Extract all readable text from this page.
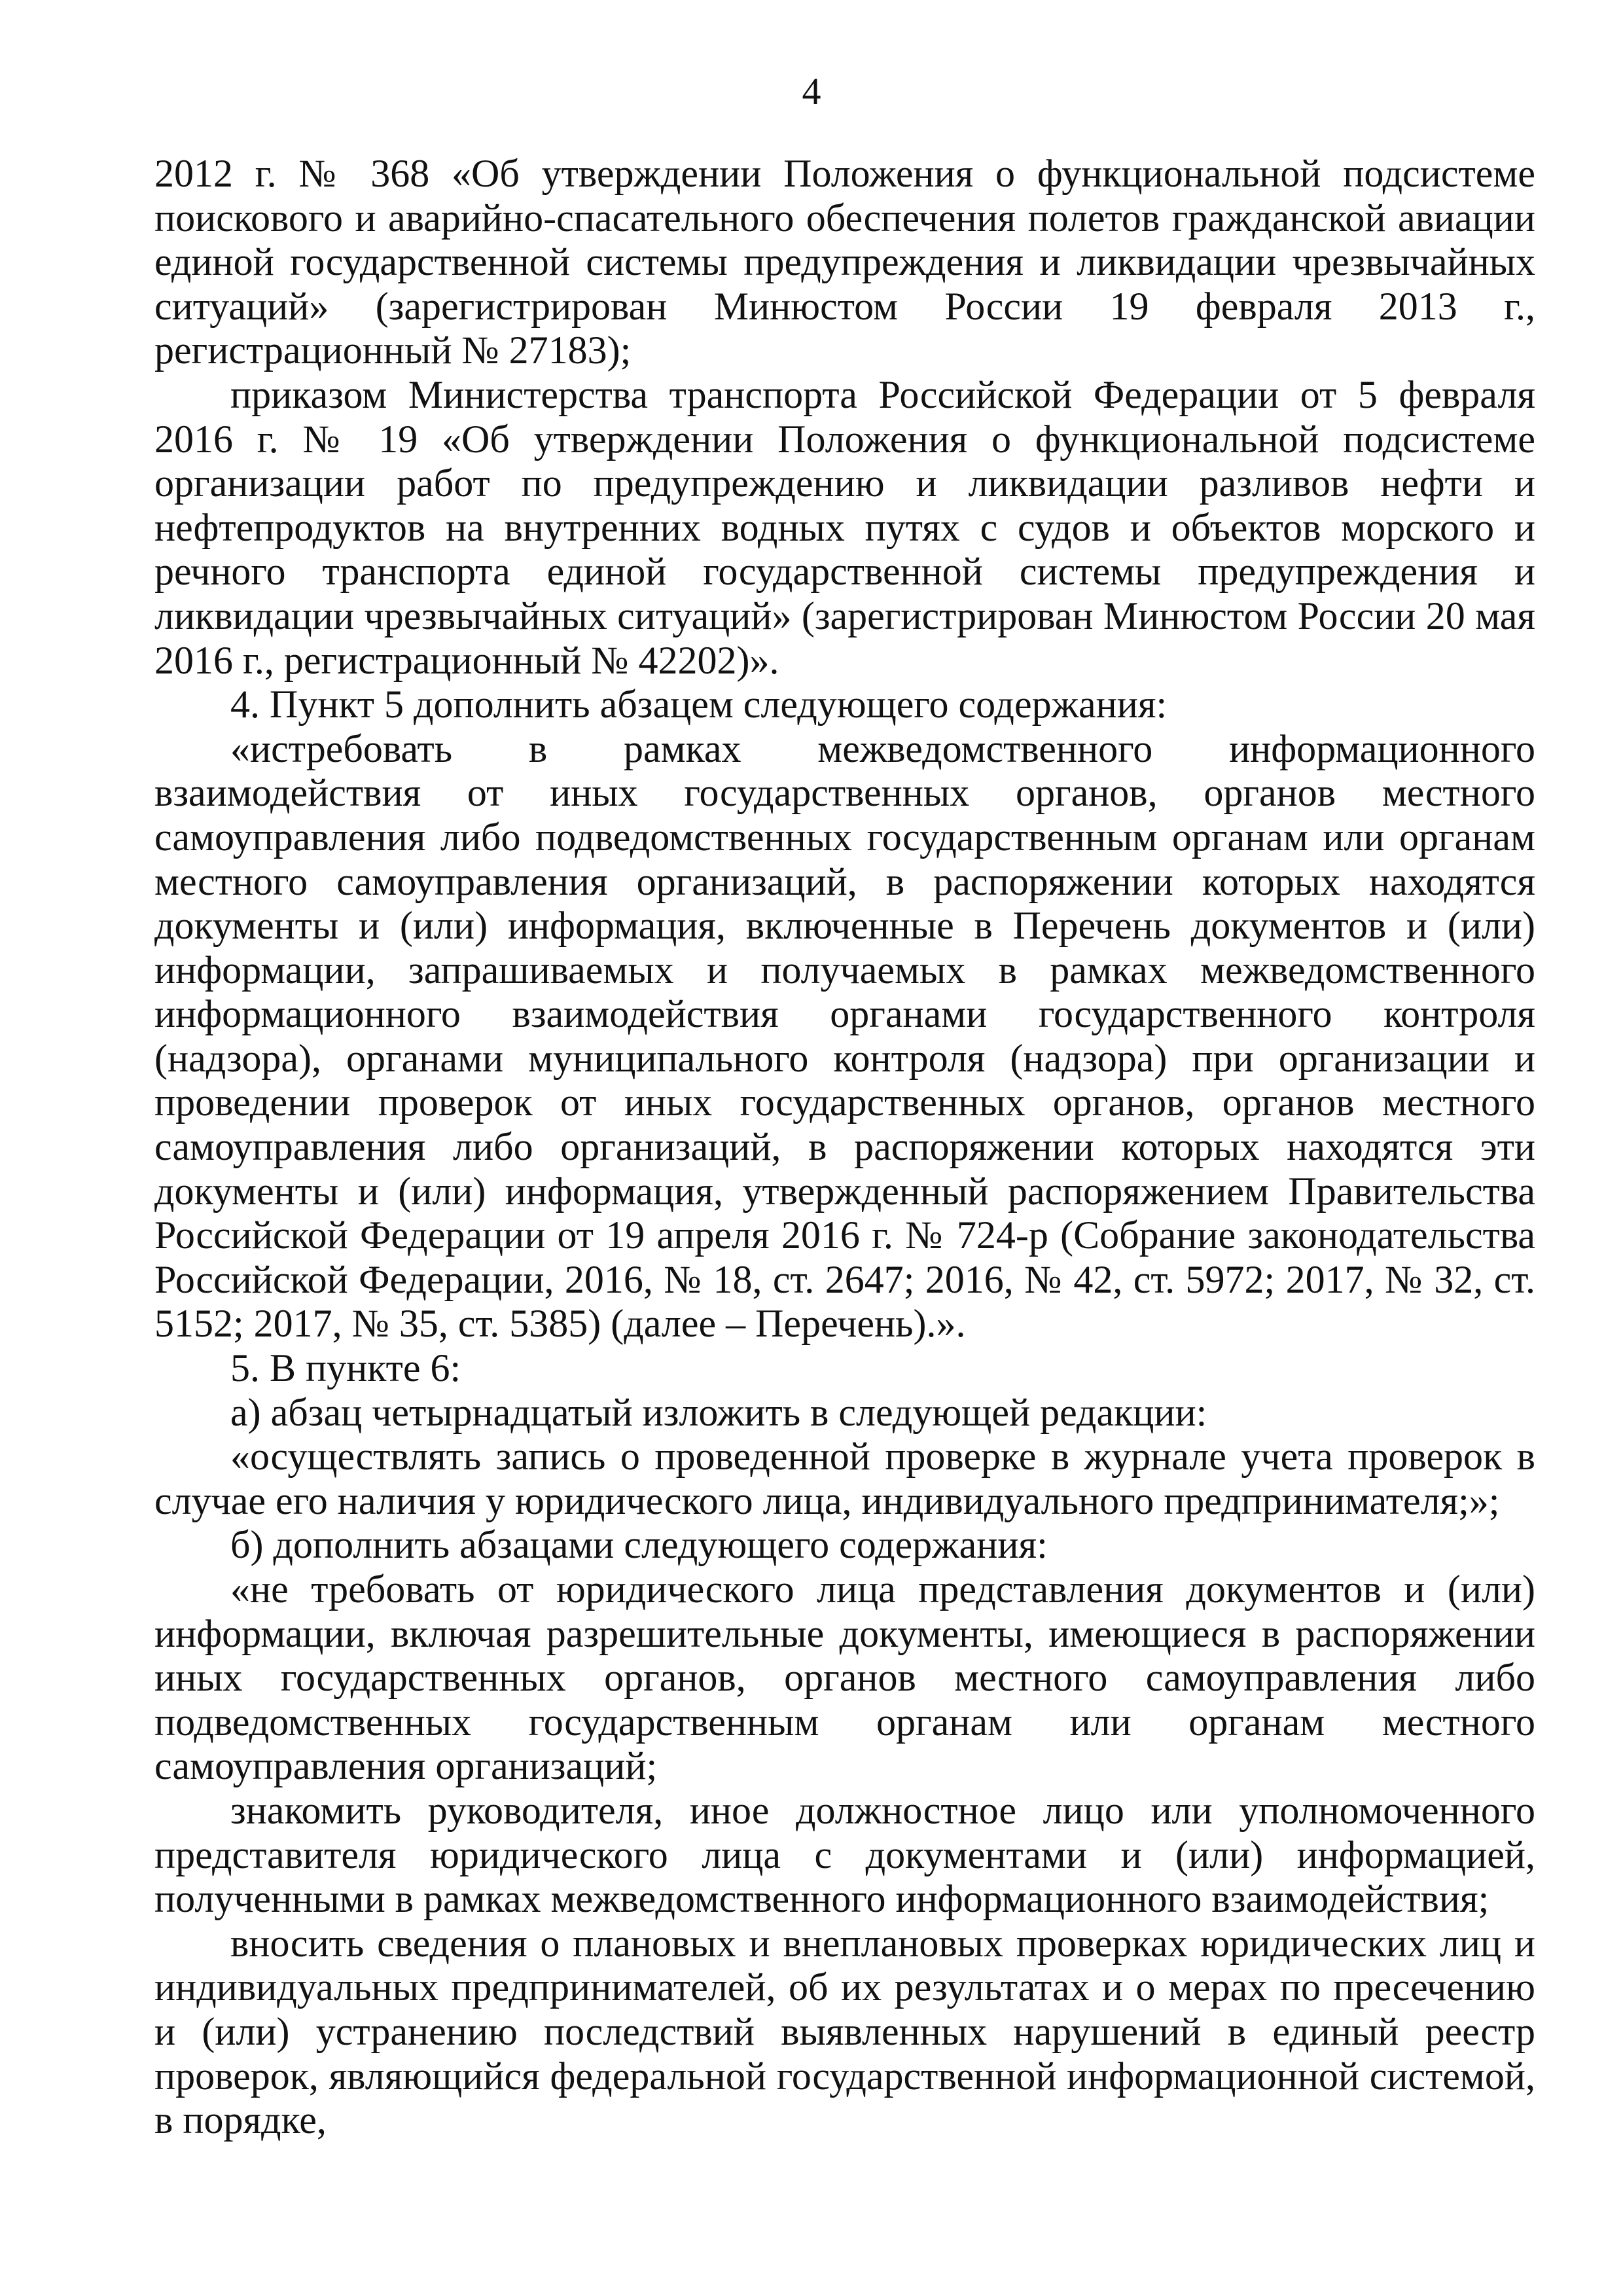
4

2012 г. № 368 «Об утверждении Положения о функциональной подсистеме поискового и аварийно-спасательного обеспечения полетов гражданской авиации единой государственной системы предупреждения и ликвидации чрезвычайных ситуаций» (зарегистрирован Минюстом России 19 февраля 2013 г., регистрационный № 27183);

приказом Министерства транспорта Российской Федерации от 5 февраля 2016 г. № 19 «Об утверждении Положения о функциональной подсистеме организации работ по предупреждению и ликвидации разливов нефти и нефтепродуктов на внутренних водных путях с судов и объектов морского и речного транспорта единой государственной системы предупреждения и ликвидации чрезвычайных ситуаций» (зарегистрирован Минюстом России 20 мая 2016 г., регистрационный № 42202)».

4. Пункт 5 дополнить абзацем следующего содержания:

«истребовать в рамках межведомственного информационного взаимодействия от иных государственных органов, органов местного самоуправления либо подведомственных государственным органам или органам местного самоуправления организаций, в распоряжении которых находятся документы и (или) информация, включенные в Перечень документов и (или) информации, запрашиваемых и получаемых в рамках межведомственного информационного взаимодействия органами государственного контроля (надзора), органами муниципального контроля (надзора) при организации и проведении проверок от иных государственных органов, органов местного самоуправления либо организаций, в распоряжении которых находятся эти документы и (или) информация, утвержденный распоряжением Правительства Российской Федерации от 19 апреля 2016 г. № 724-р (Собрание законодательства Российской Федерации, 2016, № 18, ст. 2647; 2016, № 42, ст. 5972; 2017, № 32, ст. 5152; 2017, № 35, ст. 5385) (далее – Перечень).».

5. В пункте 6:

а) абзац четырнадцатый изложить в следующей редакции:

«осуществлять запись о проведенной проверке в журнале учета проверок в случае его наличия у юридического лица, индивидуального предпринимателя;»;

б) дополнить абзацами следующего содержания:

«не требовать от юридического лица представления документов и (или) информации, включая разрешительные документы, имеющиеся в распоряжении иных государственных органов, органов местного самоуправления либо подведомственных государственным органам или органам местного самоуправления организаций;

знакомить руководителя, иное должностное лицо или уполномоченного представителя юридического лица с документами и (или) информацией, полученными в рамках межведомственного информационного взаимодействия;

вносить сведения о плановых и внеплановых проверках юридических лиц и индивидуальных предпринимателей, об их результатах и о мерах по пресечению и (или) устранению последствий выявленных нарушений в единый реестр проверок, являющийся федеральной государственной информационной системой, в порядке,
